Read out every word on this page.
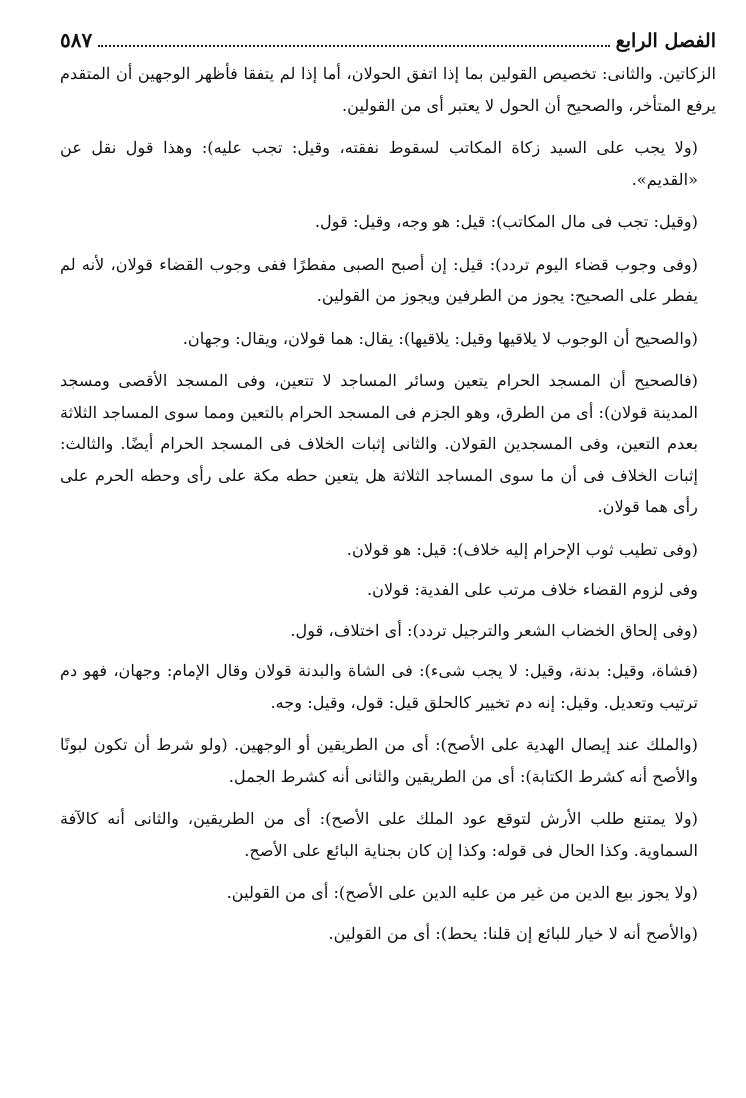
الفصل الرابع
٥٨٧

الزكاتين. والثانى: تخصيص القولين بما إذا اتفق الحولان، أما إذا لم يتفقا فأظهر الوجهين أن المتقدم يرفع المتأخر، والصحيح أن الحول لا يعتبر أى من القولين.

(ولا يجب على السيد زكاة المكاتب لسقوط نفقته، وقيل: تجب عليه): وهذا قول نقل عن «القديم».

(وقيل: تجب فى مال المكاتب): قيل: هو وجه، وقيل: قول.

(وفى وجوب قضاء اليوم تردد): قيل: إن أصبح الصبى مفطرًا ففى وجوب القضاء قولان، لأنه لم يفطر على الصحيح: يجوز من الطرفين ويجوز من القولين.

(والصحيح أن الوجوب لا يلاقيها وقيل: يلاقيها): يقال: هما قولان، ويقال: وجهان.

(فالصحيح أن المسجد الحرام يتعين وسائر المساجد لا تتعين، وفى المسجد الأقصى ومسجد المدينة قولان): أى من الطرق، وهو الجزم فى المسجد الحرام بالتعين ومما سوى المساجد الثلاثة بعدم التعين، وفى المسجدين القولان. والثانى إثبات الخلاف فى المسجد الحرام أيضًا. والثالث: إثبات الخلاف فى أن ما سوى المساجد الثلاثة هل يتعين حطه مكة على رأى وحطه الحرم على رأى هما قولان.

(وفى تطيب ثوب الإحرام إليه خلاف): قيل: هو قولان.

وفى لزوم القضاء خلاف مرتب على الفدية: قولان.

(وفى إلحاق الخضاب الشعر والترجيل تردد): أى اختلاف، قول.

(فشاة، وقيل: بدنة، وقيل: لا يجب شىء): فى الشاة والبدنة قولان وقال الإمام: وجهان، فهو دم ترتيب وتعديل. وقيل: إنه دم تخيير كالحلق قيل: قول، وقيل: وجه.

(والملك عند إيصال الهدية على الأصح): أى من الطريقين أو الوجهين. (ولو شرط أن تكون لبونًا والأصح أنه كشرط الكتابة): أى من الطريقين والثانى أنه كشرط الجمل.

(ولا يمتنع طلب الأرش لتوقع عود الملك على الأصح): أى من الطريقين، والثانى أنه كالآفة السماوية. وكذا الحال فى قوله: وكذا إن كان بجناية البائع على الأصح.

(ولا يجوز بيع الدين من غير من عليه الدين على الأصح): أى من القولين.

(والأصح أنه لا خيار للبائع إن قلنا: يحط): أى من القولين.
